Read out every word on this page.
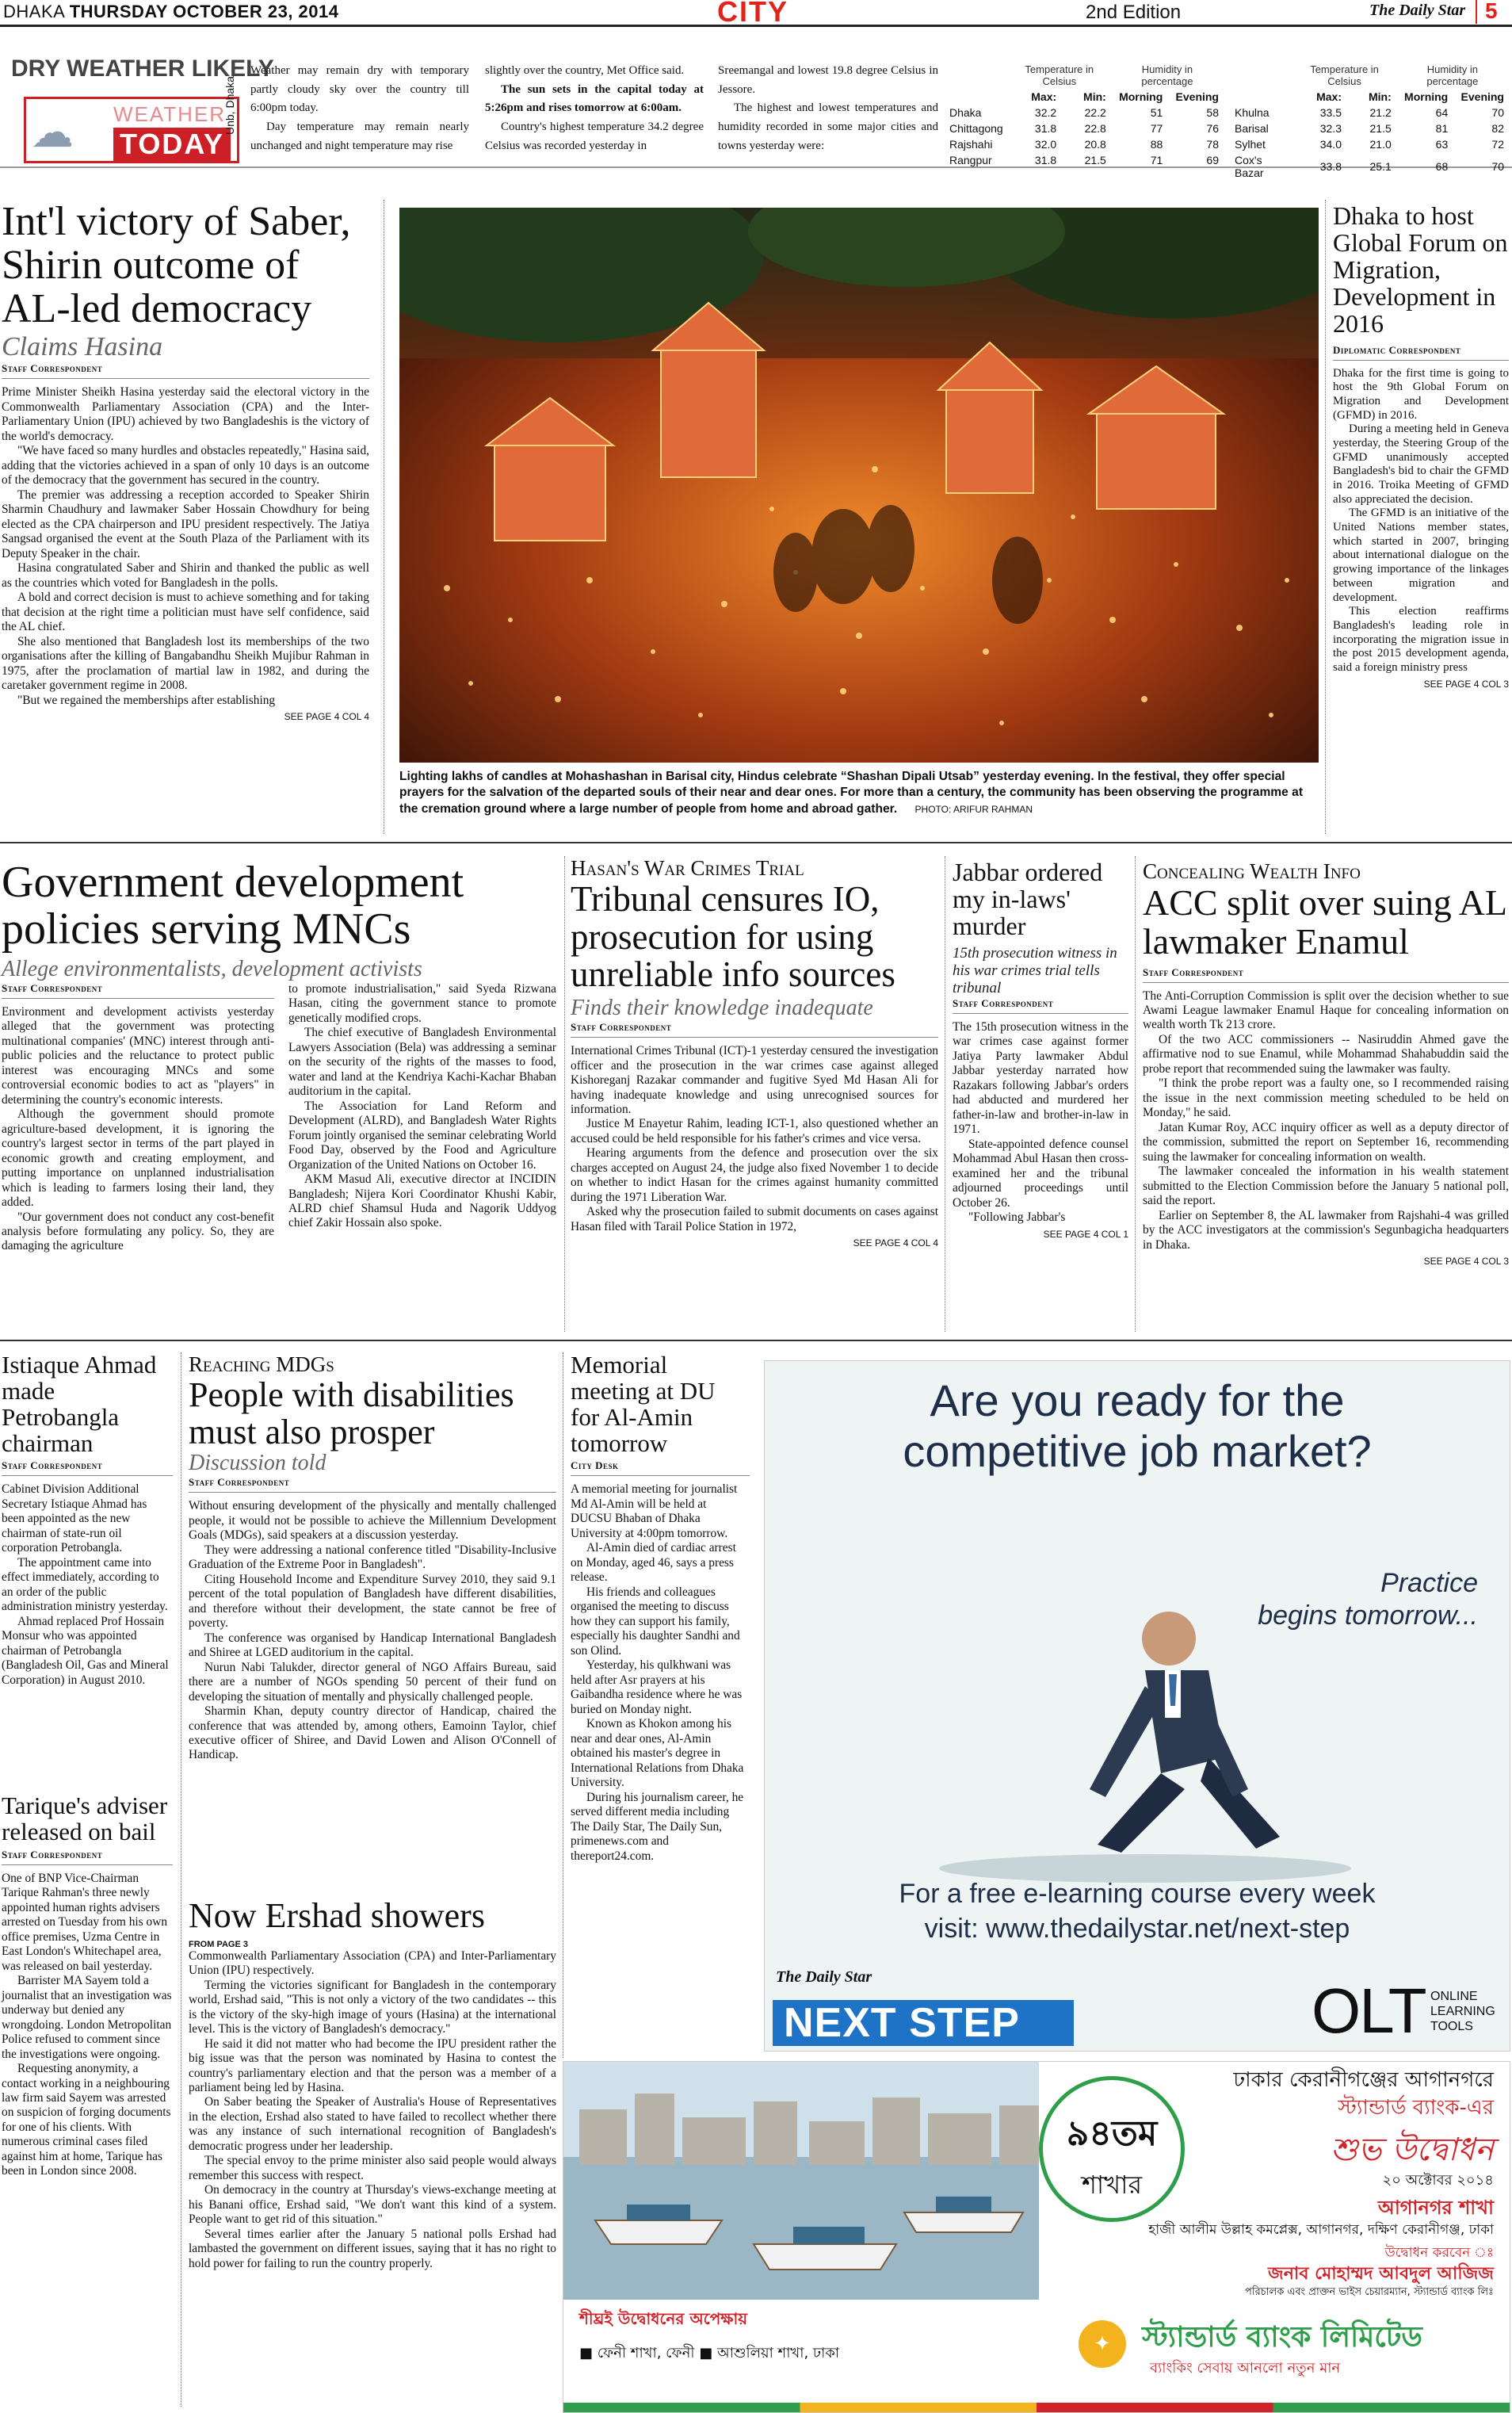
DHAKA THURSDAY OCTOBER 23, 2014	CITY	2nd Edition	The Daily Star 5
DRY WEATHER LIKELY
☁ WEATHER
TODAY
Unb, Dhaka
Weather may remain dry with temporary partly cloudy sky over the country till 6:00pm today.

Day temperature may remain nearly unchanged and night temperature may rise

slightly over the country, Met Office said.

The sun sets in the capital today at 5:26pm and rises tomorrow at 6:00am.

Country's highest temperature 34.2 degree Celsius was recorded yesterday in

Sreemangal and lowest 19.8 degree Celsius in Jessore.

The highest and lowest temperatures and humidity recorded in some major cities and towns yesterday were:

	Temperature in Celsius		Humidity in percentage	
	Max:	Min:	Morning	Evening
Dhaka	32.2	22.2	51	58
Chittagong	31.8	22.8	77	76
Rajshahi	32.0	20.8	88	78
Rangpur	31.8	21.5	71	69
	Temperature in Celsius		Humidity in percentage	
	Max:	Min:	Morning	Evening
Khulna	33.5	21.2	64	70
Barisal	32.3	21.5	81	82
Sylhet	34.0	21.0	63	72
Cox's Bazar	33.8	25.1	68	70
Int'l victory of Saber, Shirin outcome of AL-led democracy
Claims Hasina
Staff Correspondent
Prime Minister Sheikh Hasina yesterday said the electoral victory in the Commonwealth Parliamentary Association (CPA) and the Inter-Parliamentary Union (IPU) achieved by two Bangladeshis is the victory of the world's democracy.

"We have faced so many hurdles and obstacles repeatedly," Hasina said, adding that the victories achieved in a span of only 10 days is an outcome of the democracy that the government has secured in the country.

The premier was addressing a reception accorded to Speaker Shirin Sharmin Chaudhury and lawmaker Saber Hossain Chowdhury for being elected as the CPA chairperson and IPU president respectively. The Jatiya Sangsad organised the event at the South Plaza of the Parliament with its Deputy Speaker in the chair.

Hasina congratulated Saber and Shirin and thanked the public as well as the countries which voted for Bangladesh in the polls.

A bold and correct decision is must to achieve something and for taking that decision at the right time a politician must have self confidence, said the AL chief.

She also mentioned that Bangladesh lost its memberships of the two organisations after the killing of Bangabandhu Sheikh Mujibur Rahman in 1975, after the proclamation of martial law in 1982, and during the caretaker government regime in 2008.

"But we regained the memberships after establishing

SEE PAGE 4 COL 4
Lighting lakhs of candles at Mohashashan in Barisal city, Hindus celebrate “Shashan Dipali Utsab” yesterday evening. In the festival, they offer special prayers for the salvation of the departed souls of their near and dear ones. For more than a century, the community has been observing the programme at the cremation ground where a large number of people from home and abroad gather. PHOTO: ARIFUR RAHMAN
Dhaka to host Global Forum on Migration, Development in 2016
Diplomatic Correspondent
Dhaka for the first time is going to host the 9th Global Forum on Migration and Development (GFMD) in 2016.

During a meeting held in Geneva yesterday, the Steering Group of the GFMD unanimously accepted Bangladesh's bid to chair the GFMD in 2016. Troika Meeting of GFMD also appreciated the decision.

The GFMD is an initiative of the United Nations member states, which started in 2007, bringing about international dialogue on the growing importance of the linkages between migration and development.

This election reaffirms Bangladesh's leading role in incorporating the migration issue in the post 2015 development agenda, said a foreign ministry press

SEE PAGE 4 COL 3
Government development policies serving MNCs
Allege environmentalists, development activists
Staff Correspondent
Environment and development activists yesterday alleged that the government was protecting multinational companies' (MNC) interest through anti-public policies and the reluctance to protect public interest was encouraging MNCs and some controversial economic bodies to act as "players" in determining the country's economic interests.

Although the government should promote agriculture-based development, it is ignoring the country's largest sector in terms of the part played in economic growth and creating employment, and putting importance on unplanned industrialisation which is leading to farmers losing their land, they added.

"Our government does not conduct any cost-benefit analysis before formulating any policy. So, they are damaging the agriculture

to promote industrialisation," said Syeda Rizwana Hasan, citing the government stance to promote genetically modified crops.

The chief executive of Bangladesh Environmental Lawyers Association (Bela) was addressing a seminar on the security of the rights of the masses to food, water and land at the Kendriya Kachi-Kachar Bhaban auditorium in the capital.

The Association for Land Reform and Development (ALRD), and Bangladesh Water Rights Forum jointly organised the seminar celebrating World Food Day, observed by the Food and Agriculture Organization of the United Nations on October 16.

AKM Masud Ali, executive director at INCIDIN Bangladesh; Nijera Kori Coordinator Khushi Kabir, ALRD chief Shamsul Huda and Nagorik Uddyog chief Zakir Hossain also spoke.

Hasan's War Crimes Trial
Tribunal censures IO, prosecution for using unreliable info sources
Finds their knowledge inadequate
Staff Correspondent
International Crimes Tribunal (ICT)-1 yesterday censured the investigation officer and the prosecution in the war crimes case against alleged Kishoreganj Razakar commander and fugitive Syed Md Hasan Ali for having inadequate knowledge and using unrecognised sources for information.

Justice M Enayetur Rahim, leading ICT-1, also questioned whether an accused could be held responsible for his father's crimes and vice versa.

Hearing arguments from the defence and prosecution over the six charges accepted on August 24, the judge also fixed November 1 to decide on whether to indict Hasan for the crimes against humanity committed during the 1971 Liberation War.

Asked why the prosecution failed to submit documents on cases against Hasan filed with Tarail Police Station in 1972,

SEE PAGE 4 COL 4
Jabbar ordered my in-laws' murder
15th prosecution witness in his war crimes trial tells tribunal
Staff Correspondent
The 15th prosecution witness in the war crimes case against former Jatiya Party lawmaker Abdul Jabbar yesterday narrated how Razakars following Jabbar's orders had abducted and murdered her father-in-law and brother-in-law in 1971.

State-appointed defence counsel Mohammad Abul Hasan then cross-examined her and the tribunal adjourned proceedings until October 26.

"Following Jabbar's

SEE PAGE 4 COL 1
Concealing Wealth Info
ACC split over suing AL lawmaker Enamul
Staff Correspondent
The Anti-Corruption Commission is split over the decision whether to sue Awami League lawmaker Enamul Haque for concealing information on wealth worth Tk 213 crore.

Of the two ACC commissioners -- Nasiruddin Ahmed gave the affirmative nod to sue Enamul, while Mohammad Shahabuddin said the probe report that recommended suing the lawmaker was faulty.

"I think the probe report was a faulty one, so I recommended raising the issue in the next commission meeting scheduled to be held on Monday," he said.

Jatan Kumar Roy, ACC inquiry officer as well as a deputy director of the commission, submitted the report on September 16, recommending suing the lawmaker for concealing information on wealth.

The lawmaker concealed the information in his wealth statement submitted to the Election Commission before the January 5 national poll, said the report.

Earlier on September 8, the AL lawmaker from Rajshahi-4 was grilled by the ACC investigators at the commission's Segunbagicha headquarters in Dhaka.

SEE PAGE 4 COL 3
Istiaque Ahmad made Petrobangla chairman
Staff Correspondent
Cabinet Division Additional Secretary Istiaque Ahmad has been appointed as the new chairman of state-run oil corporation Petrobangla.

The appointment came into effect immediately, according to an order of the public administration ministry yesterday.

Ahmad replaced Prof Hossain Monsur who was appointed chairman of Petrobangla (Bangladesh Oil, Gas and Mineral Corporation) in August 2010.

Tarique's adviser released on bail
Staff Correspondent
One of BNP Vice-Chairman Tarique Rahman's three newly appointed human rights advisers arrested on Tuesday from his own office premises, Uzma Centre in East London's Whitechapel area, was released on bail yesterday.

Barrister MA Sayem told a journalist that an investigation was underway but denied any wrongdoing. London Metropolitan Police refused to comment since the investigations were ongoing.

Requesting anonymity, a contact working in a neighbouring law firm said Sayem was arrested on suspicion of forging documents for one of his clients. With numerous criminal cases filed against him at home, Tarique has been in London since 2008.

Reaching MDGs
People with disabilities must also prosper
Discussion told
Staff Correspondent
Without ensuring development of the physically and mentally challenged people, it would not be possible to achieve the Millennium Development Goals (MDGs), said speakers at a discussion yesterday.

They were addressing a national conference titled "Disability-Inclusive Graduation of the Extreme Poor in Bangladesh".

Citing Household Income and Expenditure Survey 2010, they said 9.1 percent of the total population of Bangladesh have different disabilities, and therefore without their development, the state cannot be free of poverty.

The conference was organised by Handicap International Bangladesh and Shiree at LGED auditorium in the capital.

Nurun Nabi Talukder, director general of NGO Affairs Bureau, said there are a number of NGOs spending 50 percent of their fund on developing the situation of mentally and physically challenged people.

Sharmin Khan, deputy country director of Handicap, chaired the conference that was attended by, among others, Eamoinn Taylor, chief executive officer of Shiree, and David Lowen and Alison O'Connell of Handicap.

Now Ershad showers
FROM PAGE 3
Commonwealth Parliamentary Association (CPA) and Inter-Parliamentary Union (IPU) respectively.

Terming the victories significant for Bangladesh in the contemporary world, Ershad said, "This is not only a victory of the two candidates -- this is the victory of the sky-high image of yours (Hasina) at the international level. This is the victory of Bangladesh's democracy."

He said it did not matter who had become the IPU president rather the big issue was that the person was nominated by Hasina to contest the country's parliamentary election and that the person was a member of a parliament being led by Hasina.

On Saber beating the Speaker of Australia's House of Representatives in the election, Ershad also stated to have failed to recollect whether there was any instance of such international recognition of Bangladesh's democratic progress under her leadership.

The special envoy to the prime minister also said people would always remember this success with respect.

On democracy in the country at Thursday's views-exchange meeting at his Banani office, Ershad said, "We don't want this kind of a system. People want to get rid of this situation."

Several times earlier after the January 5 national polls Ershad had lambasted the government on different issues, saying that it has no right to hold power for failing to run the country properly.

Memorial meeting at DU for Al-Amin tomorrow
City Desk
A memorial meeting for journalist Md Al-Amin will be held at DUCSU Bhaban of Dhaka University at 4:00pm tomorrow.

Al-Amin died of cardiac arrest on Monday, aged 46, says a press release.

His friends and colleagues organised the meeting to discuss how they can support his family, especially his daughter Sandhi and son Olind.

Yesterday, his qulkhwani was held after Asr prayers at his Gaibandha residence where he was buried on Monday night.

Known as Khokon among his near and dear ones, Al-Amin obtained his master's degree in International Relations from Dhaka University.

During his journalism career, he served different media including The Daily Star, The Daily Sun, primenews.com and thereport24.com.

Are you ready for the
competitive job market?
Practice
begins tomorrow...
For a free e-learning course every week
visit: www.thedailystar.net/next-step
The Daily Star
NEXT STEP	OLT ONLINE
LEARNING
TOOLS
৯৪তম
শাখার
ঢাকার কেরানীগঞ্জের আগানগরে
স্ট্যান্ডার্ড ব্যাংক-এর
শুভ উদ্বোধন
২০ অক্টোবর ২০১৪
আগানগর শাখা
হাজী আলীম উল্লাহ কমপ্লেক্স, আগানগর, দক্ষিণ কেরানীগঞ্জ, ঢাকা
উদ্বোধন করবেন ঃ
জনাব মোহাম্মদ আবদুল আজিজ
পরিচালক এবং প্রাক্তন ভাইস চেয়ারম্যান, স্ট্যান্ডার্ড ব্যাংক লিঃ
শীঘ্রই উদ্বোধনের অপেক্ষায়
■ ফেনী শাখা, ফেনী ■ আশুলিয়া শাখা, ঢাকা	✦	স্ট্যান্ডার্ড ব্যাংক লিমিটেড
ব্যাংকিং সেবায় আনলো নতুন মান
